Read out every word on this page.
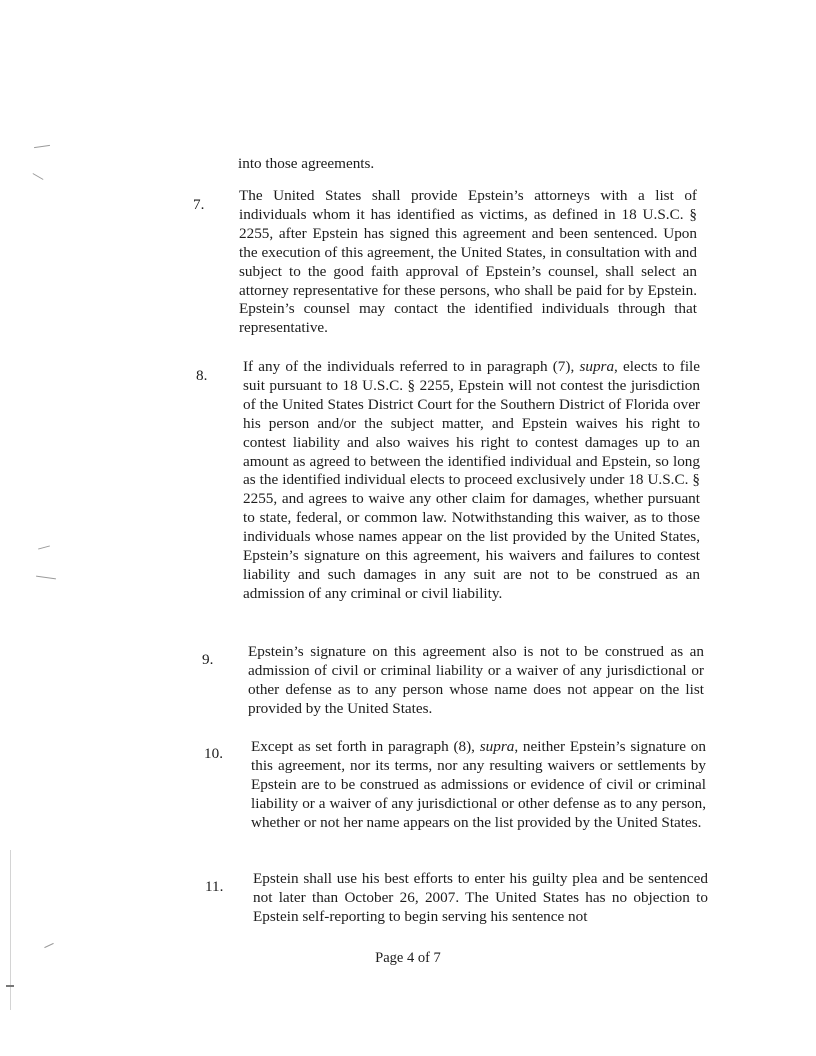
into those agreements.
7.
The United States shall provide Epstein’s attorneys with a list of individuals whom it has identified as victims, as defined in 18 U.S.C. § 2255, after Epstein has signed this agreement and been sentenced. Upon the execution of this agreement, the United States, in consultation with and subject to the good faith approval of Epstein’s counsel, shall select an attorney representative for these persons, who shall be paid for by Epstein. Epstein’s counsel may contact the identified individuals through that representative.
8.
If any of the individuals referred to in paragraph (7), supra, elects to file suit pursuant to 18 U.S.C. § 2255, Epstein will not contest the jurisdiction of the United States District Court for the Southern District of Florida over his person and/or the subject matter, and Epstein waives his right to contest liability and also waives his right to contest damages up to an amount as agreed to between the identified individual and Epstein, so long as the identified individual elects to proceed exclusively under 18 U.S.C. § 2255, and agrees to waive any other claim for damages, whether pursuant to state, federal, or common law. Notwithstanding this waiver, as to those individuals whose names appear on the list provided by the United States, Epstein’s signature on this agreement, his waivers and failures to contest liability and such damages in any suit are not to be construed as an admission of any criminal or civil liability.
9. Epstein’s signature on this agreement also is not to be construed as an admission of civil or criminal liability or a waiver of any jurisdictional or other defense as to any person whose name does not appear on the list provided by the United States.
10. Except as set forth in paragraph (8), supra, neither Epstein’s signature on this agreement, nor its terms, nor any resulting waivers or settlements by Epstein are to be construed as admissions or evidence of civil or criminal liability or a waiver of any jurisdictional or other defense as to any person, whether or not her name appears on the list provided by the United States.
11. Epstein shall use his best efforts to enter his guilty plea and be sentenced not later than October 26, 2007. The United States has no objection to Epstein self-reporting to begin serving his sentence not
Page 4 of 7
